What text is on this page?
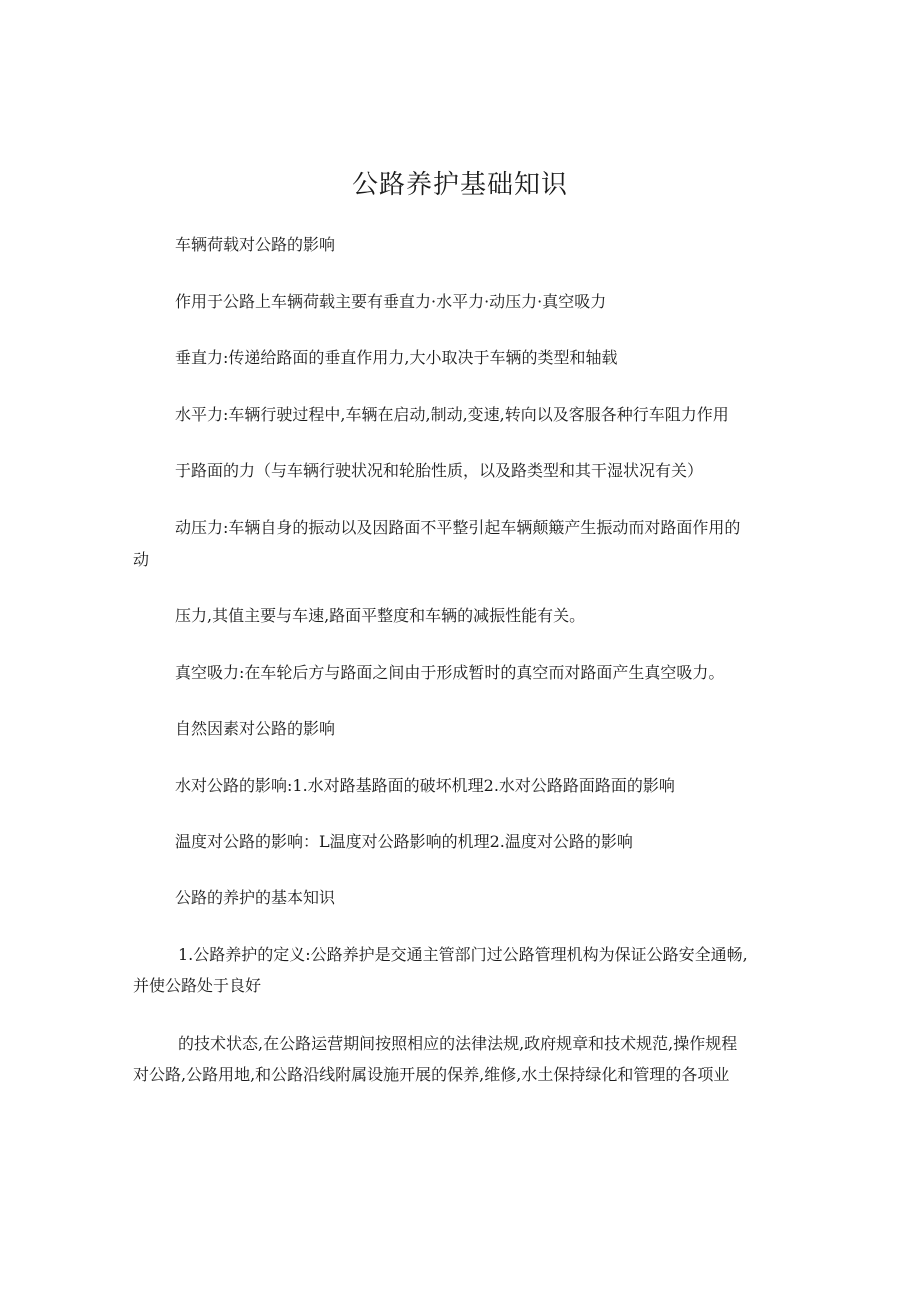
公路养护基础知识
车辆荷载对公路的影响
作用于公路上车辆荷载主要有垂直力·水平力·动压力·真空吸力
垂直力:传递给路面的垂直作用力,大小取决于车辆的类型和轴载
水平力:车辆行驶过程中,车辆在启动,制动,变速,转向以及客服各种行车阻力作用
于路面的力（与车辆行驶状况和轮胎性质，以及路类型和其干湿状况有关）
动压力:车辆自身的振动以及因路面不平整引起车辆颠簸产生振动而对路面作用的
动
压力,其值主要与车速,路面平整度和车辆的减振性能有关。
真空吸力:在车轮后方与路面之间由于形成暂时的真空而对路面产生真空吸力。
自然因素对公路的影响
水对公路的影响:1.水对路基路面的破坏机理2.水对公路路面路面的影响
温度对公路的影响：L温度对公路影响的机理2.温度对公路的影响
公路的养护的基本知识
1.公路养护的定义:公路养护是交通主管部门过公路管理机构为保证公路安全通畅,
并使公路处于良好
的技术状态,在公路运营期间按照相应的法律法规,政府规章和技术规范,操作规程
对公路,公路用地,和公路沿线附属设施开展的保养,维修,水土保持绿化和管理的各项业
